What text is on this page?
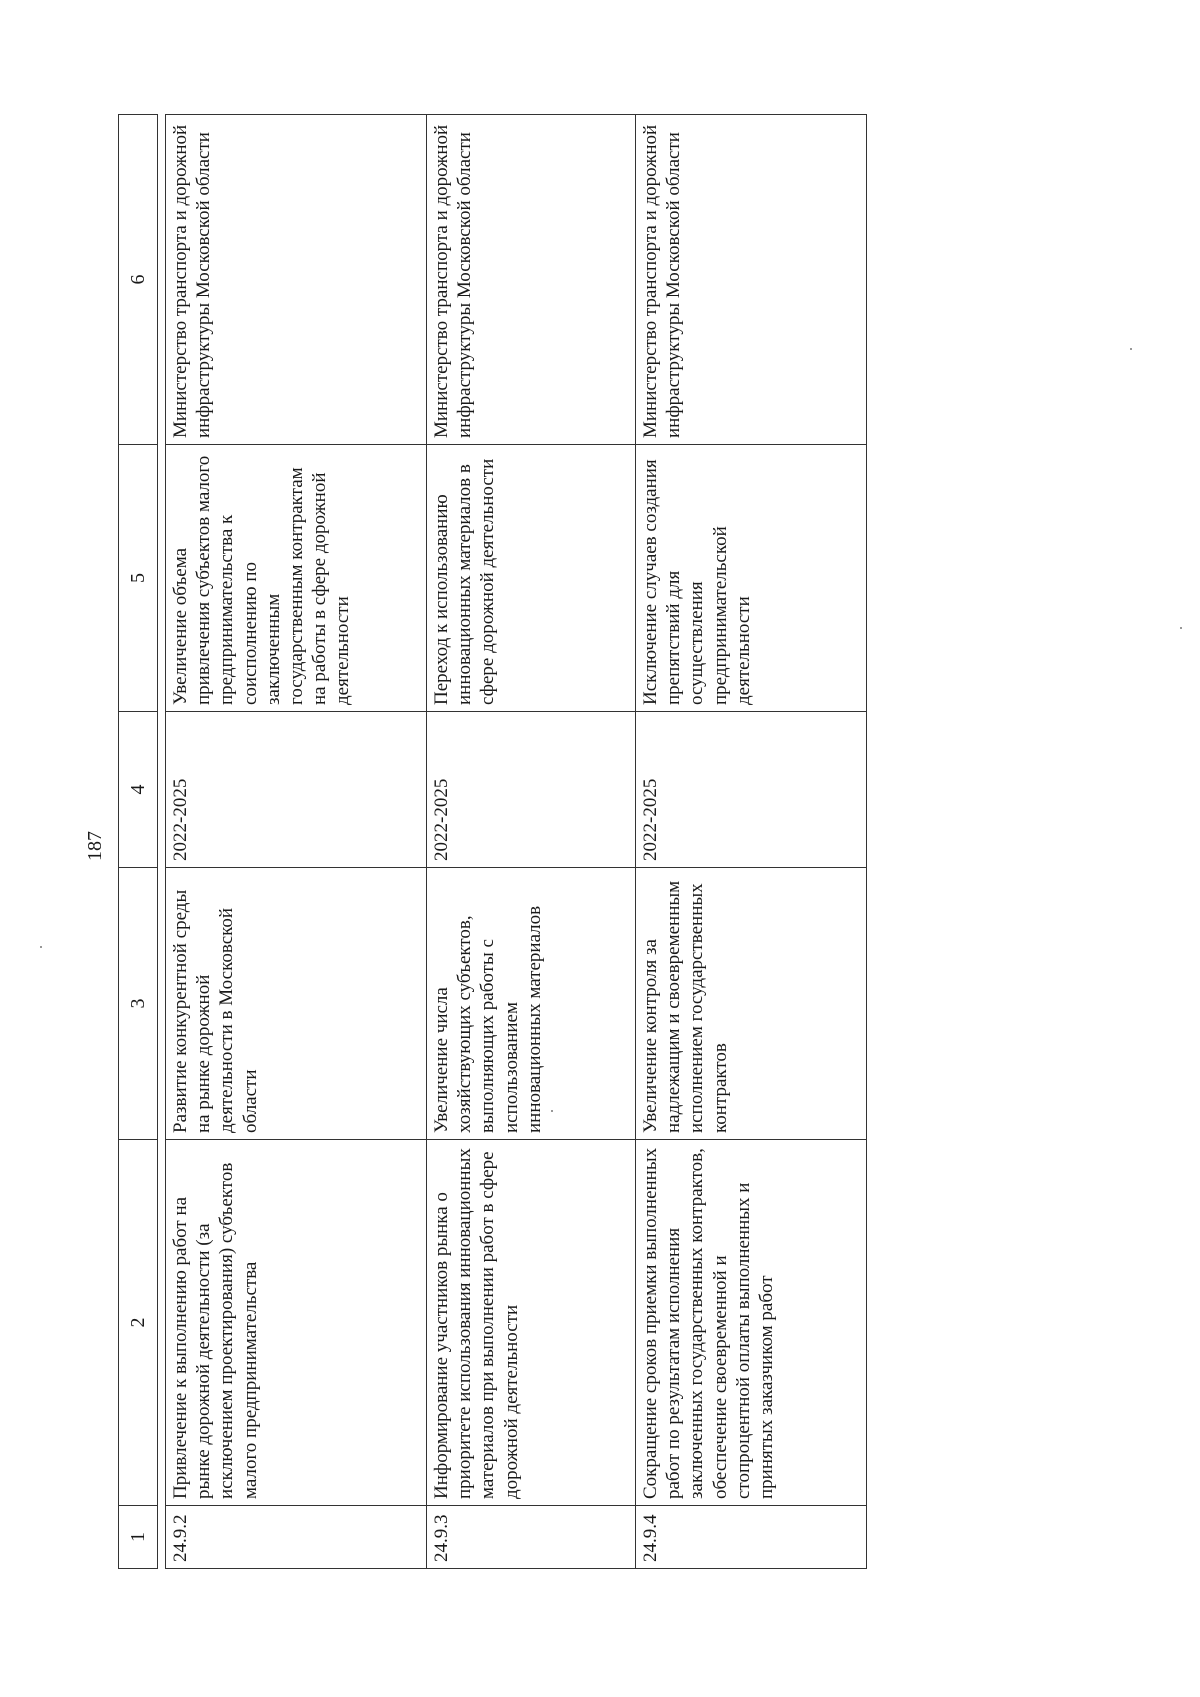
187
1	2	3	4	5	6

24.9.2	Привлечение к выполнению работ на рынке дорожной деятельности (за исключением проектирования) субъектов малого предпринимательства	Развитие конкурентной среды на рынке дорожной деятельности в Московской области	2022-2025	Увеличение объема привлечения субъектов малого предпринимательства к соисполнению по заключенным государственным контрактам на работы в сфере дорожной деятельности	Министерство транспорта и дорожной инфраструктуры Московской области
24.9.3	Информирование участников рынка о приоритете использования инновационных материалов при выполнении работ в сфере дорожной деятельности	Увеличение числа хозяйствующих субъектов, выполняющих работы с использованием инновационных материалов	2022-2025	Переход к использованию инновационных материалов в сфере дорожной деятельности	Министерство транспорта и дорожной инфраструктуры Московской области
24.9.4	Сокращение сроков приемки выполненных работ по результатам исполнения заключенных государственных контрактов, обеспечение своевременной и стопроцентной оплаты выполненных и принятых заказчиком работ	Увеличение контроля за надлежащим и своевременным исполнением государственных контрактов	2022-2025	Исключение случаев создания препятствий для осуществления предпринимательской деятельности	Министерство транспорта и дорожной инфраструктуры Московской области
